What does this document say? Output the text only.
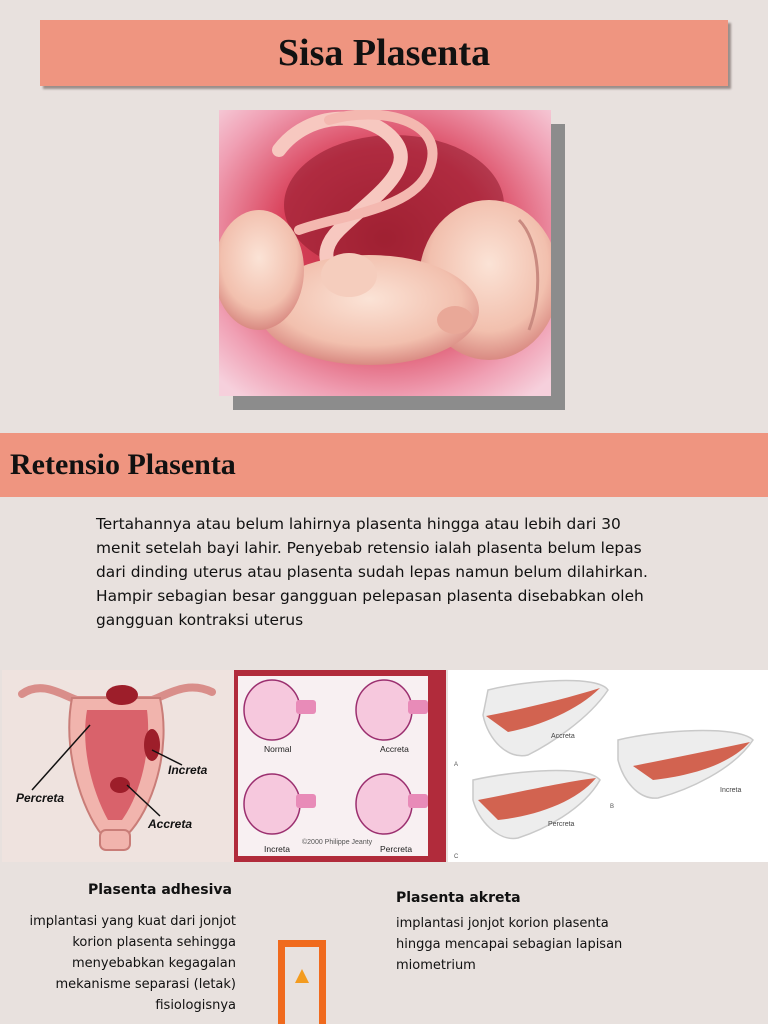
Sisa Plasenta
Retensio Plasenta

Tertahannya atau belum lahirnya plasenta hingga atau lebih dari 30 menit setelah bayi lahir. Penyebab retensio ialah plasenta belum lepas dari dinding uterus atau plasenta sudah lepas namun belum dilahirkan. Hampir sebagian besar gangguan pelepasan plasenta disebabkan oleh gangguan kontraksi uterus

Increta
Percreta
Accreta
Normal	Accreta
Increta	Percreta
©2000 Philippe Jeanty
Accreta
Increta
Percreta
A
B
C
Plasenta adhesiva
implantasi yang kuat dari jonjot korion plasenta sehingga menyebabkan kegagalan mekanisme separasi (letak) fisiologisnya
Plasenta akreta
implantasi jonjot korion plasenta hingga mencapai sebagian lapisan miometrium
